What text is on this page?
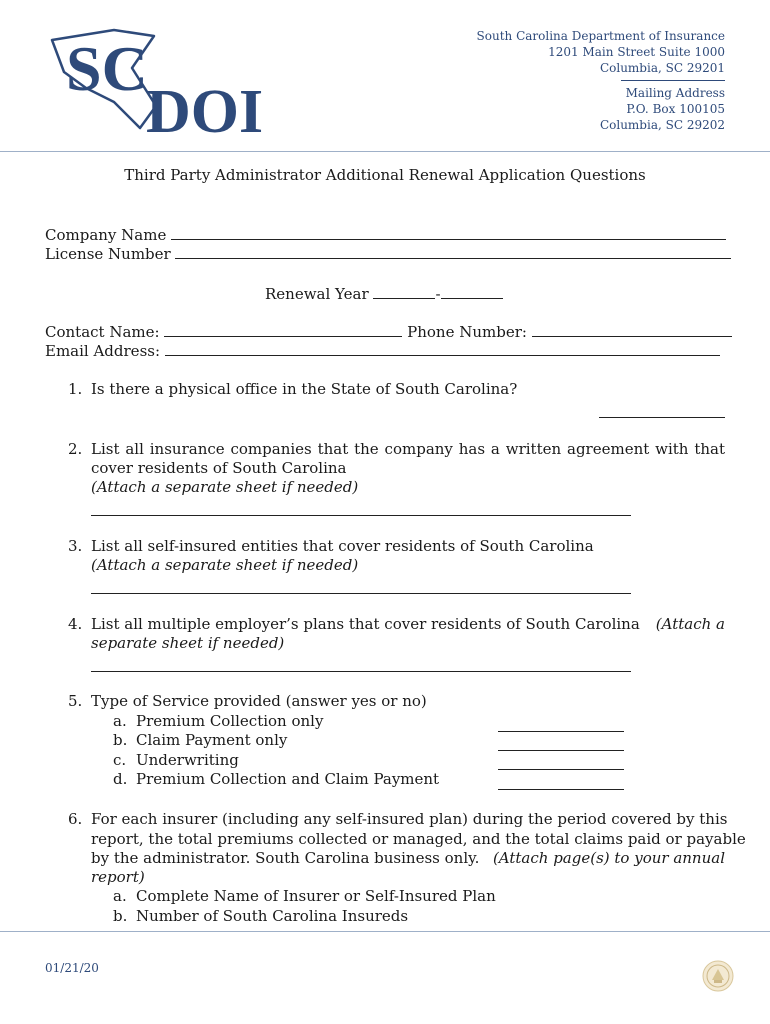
SC
DOI
South Carolina Department of Insurance
1201 Main Street Suite 1000
Columbia, SC 29201
Mailing Address
P.O. Box 100105
Columbia, SC 29202
Third Party Administrator Additional Renewal Application Questions
Company Name
License Number
Renewal Year	-
Contact Name:	Phone Number:
Email Address:
1. Is there a physical office in the State of South Carolina?
2. List all insurance companies that the company has a written agreement with that
cover residents of South Carolina
(Attach a separate sheet if needed)
3. List all self-insured entities that cover residents of South Carolina
(Attach a separate sheet if needed)
4. List all multiple employer’s plans that cover residents of South Carolina (Attach a
separate sheet if needed)
5. Type of Service provided (answer yes or no)
a. Premium Collection only
b. Claim Payment only
c. Underwriting
d. Premium Collection and Claim Payment
6. For each insurer (including any self-insured plan) during the period covered by this
report, the total premiums collected or managed, and the total claims paid or payable
by the administrator. South Carolina business only. (Attach page(s) to your annual
report)
a. Complete Name of Insurer or Self-Insured Plan
b. Number of South Carolina Insureds
01/21/20
